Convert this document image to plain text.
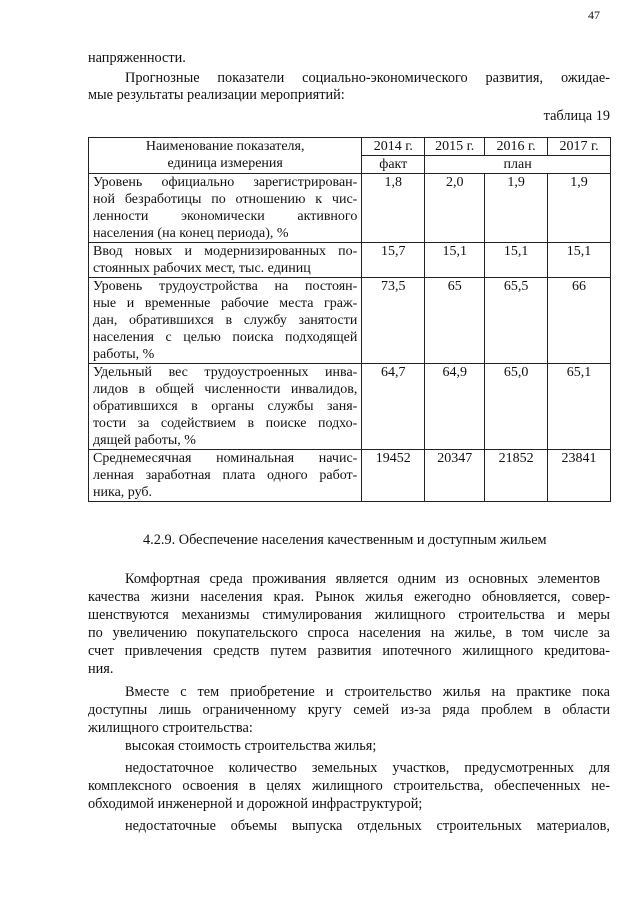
47
напряженности.
Прогнозные показатели социально-экономического развития, ожидае-
мые результаты реализации мероприятий:
таблица 19
Наименование показателя,
единица измерения	2014 г.	2015 г.	2016 г.	2017 г.
	факт	план		

Уровень официально зарегистрирован-
ной безработицы по отношению к чис-
ленности экономически активного
населения (на конец периода), %	1,8	2,0	1,9	1,9

Ввод новых и модернизированных по-
стоянных рабочих мест, тыс. единиц	15,7	15,1	15,1	15,1

Уровень трудоустройства на постоян-
ные и временные рабочие места граж-
дан, обратившихся в службу занятости
населения с целью поиска подходящей
работы, %	73,5	65	65,5	66

Удельный вес трудоустроенных инва-
лидов в общей численности инвалидов,
обратившихся в органы службы заня-
тости за содействием в поиске подхо-
дящей работы, %	64,7	64,9	65,0	65,1

Среднемесячная номинальная начис-
ленная заработная плата одного работ-
ника, руб.	19452	20347	21852	23841
4.2.9. Обеспечение населения качественным и доступным жильем
Комфортная среда проживания является одним из основных элементов
качества жизни населения края. Рынок жилья ежегодно обновляется, совер-
шенствуются механизмы стимулирования жилищного строительства и меры
по увеличению покупательского спроса населения на жилье, в том числе за
счет привлечения средств путем развития ипотечного жилищного кредитова-
ния.
Вместе с тем приобретение и строительство жилья на практике пока
доступны лишь ограниченному кругу семей из-за ряда проблем в области
жилищного строительства:
высокая стоимость строительства жилья;
недостаточное количество земельных участков, предусмотренных для
комплексного освоения в целях жилищного строительства, обеспеченных не-
обходимой инженерной и дорожной инфраструктурой;
недостаточные объемы выпуска отдельных строительных материалов,
